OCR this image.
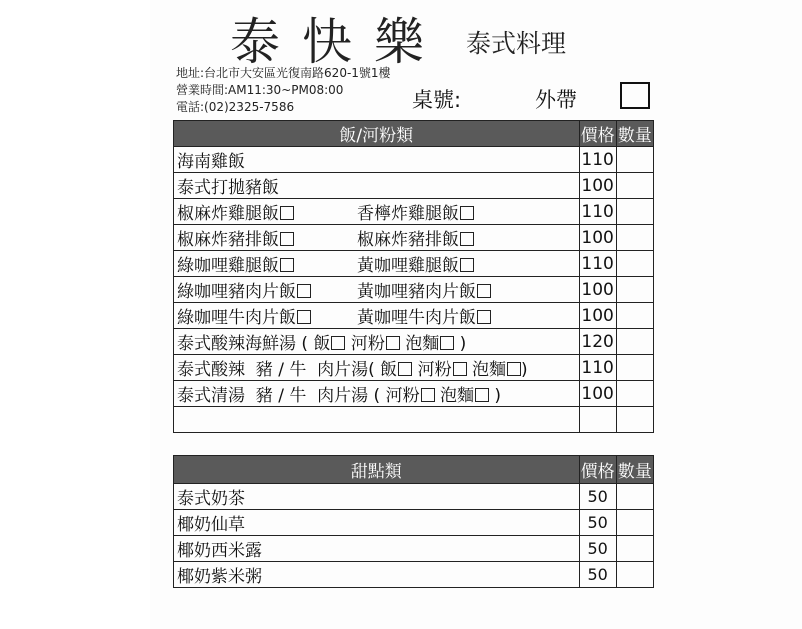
泰快樂 泰式料理
地址:台北市大安區光復南路620-1號1樓
營業時間:AM11:30~PM08:00
電話:(02)2325-7586	桌號:	外帶
飯/河粉類	價格	數量
海南雞飯	110	
泰式打拋豬飯	100	
椒麻炸雞腿飯 香檸炸雞腿飯	110	
椒麻炸豬排飯 椒麻炸豬排飯	100	
綠咖哩雞腿飯 黃咖哩雞腿飯	110	
綠咖哩豬肉片飯 黃咖哩豬肉片飯	100	
綠咖哩牛肉片飯 黃咖哩牛肉片飯	100	
泰式酸辣海鮮湯 ( 飯 河粉 泡麵 )	120	
泰式酸辣  豬 / 牛  肉片湯( 飯 河粉 泡麵 )	110	
泰式清湯  豬 / 牛  肉片湯 ( 河粉 泡麵 )	100	

甜點類	價格	數量
泰式奶茶	50	
椰奶仙草	50	
椰奶西米露	50	
椰奶紫米粥	50	
